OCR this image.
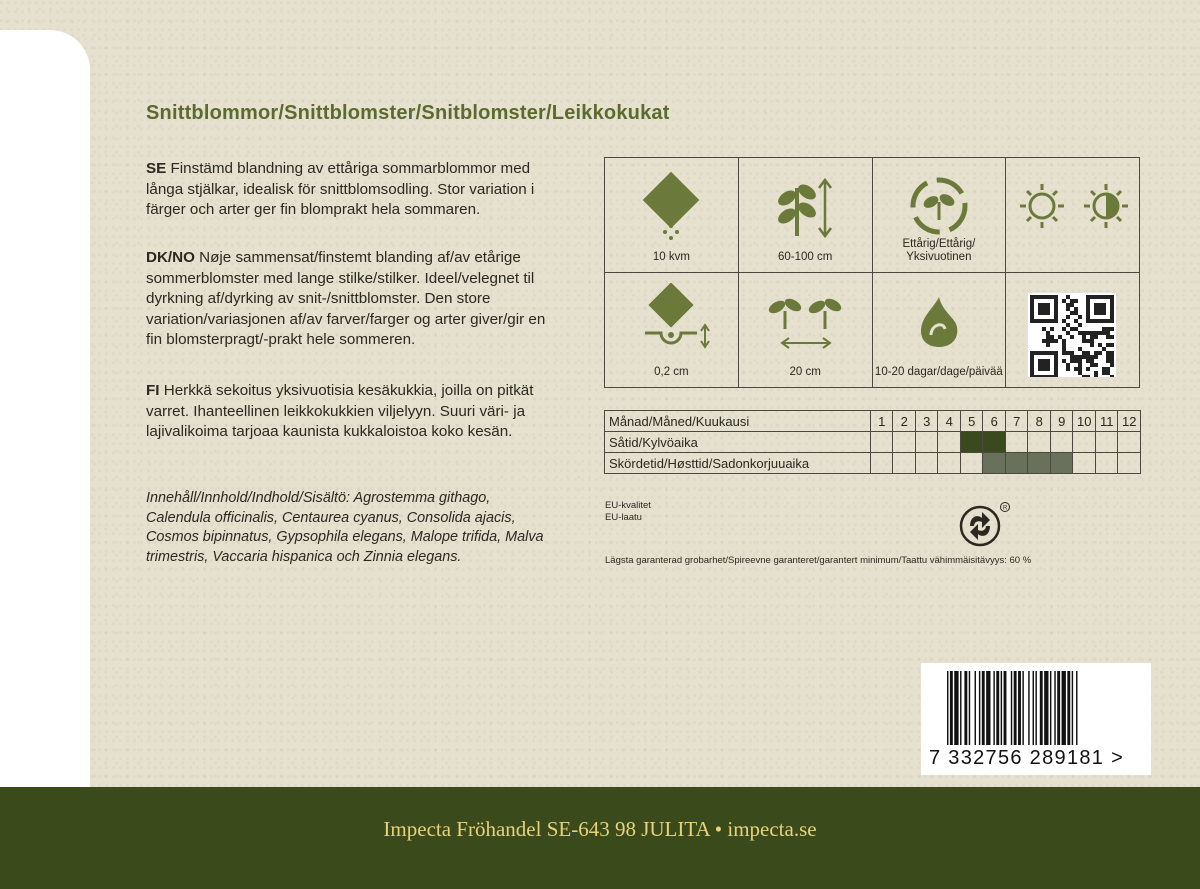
Snittblommor/Snittblomster/Snitblomster/Leikkokukat
SE Finstämd blandning av ettåriga sommarblommor med långa stjälkar, idealisk för snittblomsodling. Stor variation i färger och arter ger fin blomprakt hela sommaren.
DK/NO Nøje sammensat/finstemt blanding af/av etårige sommerblomster med lange stilke/stilker. Ideel/velegnet til dyrkning af/dyrking av snit-/snittblomster. Den store variation/variasjonen af/av farver/farger og arter giver/gir en fin blomsterpragt/-prakt hele sommeren.
FI Herkkä sekoitus yksivuotisia kesäkukkia, joilla on pitkät varret. Ihanteellinen leikkokukkien viljelyyn. Suuri väri- ja lajivalikoima tarjoaa kaunista kukkaloistoa koko kesän.
Innehåll/Innhold/Indhold/Sisältö: Agrostemma githago, Calendula officinalis, Centaurea cyanus, Consolida ajacis, Cosmos bipinnatus, Gypsophila elegans, Malope trifida, Malva trimestris, Vaccaria hispanica och Zinnia elegans.
10 kvm	60-100 cm	Ettårig/Ettårig/ Yksivuotinen

0,2 cm	20 cm	10-20 dagar/dage/päivää

Månad/Måned/Kuukausi	1	2	3	4	5	6	7	8	9	10	11	12
Såtid/Kylvöaika												
Skördetid/Høsttid/Sadonkorjuuaika												
EU-kvalitet
EU-laatu
R
Lägsta garanterad grobarhet/Spireevne garanteret/garantert minimum/Taattu vähimmäisitävyys: 60 %
7 332756 289181 >
Impecta Fröhandel SE-643 98 JULITA • impecta.se
